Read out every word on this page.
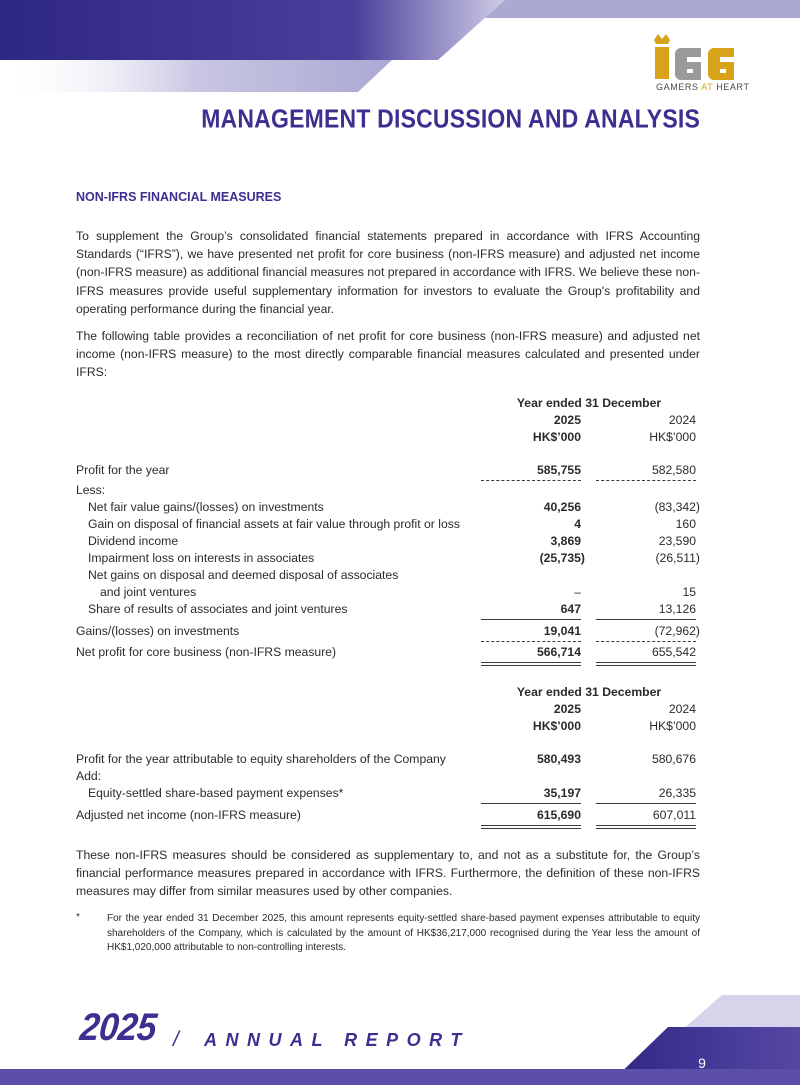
GAMERS AT HEART
MANAGEMENT DISCUSSION AND ANALYSIS
NON-IFRS FINANCIAL MEASURES
To supplement the Group’s consolidated financial statements prepared in accordance with IFRS Accounting Standards (“IFRS”), we have presented net profit for core business (non-IFRS measure) and adjusted net income (non-IFRS measure) as additional financial measures not prepared in accordance with IFRS. We believe these non-IFRS measures provide useful supplementary information for investors to evaluate the Group's profitability and operating performance during the financial year.
The following table provides a reconciliation of net profit for core business (non-IFRS measure) and adjusted net income (non-IFRS measure) to the most directly comparable financial measures calculated and presented under IFRS:
Year ended 31 December
2025	2024
HK$’000	HK$’000
Profit for the year	585,755	582,580
Less:
Net fair value gains/(losses) on investments	40,256	(83,342)
Gain on disposal of financial assets at fair value through profit or loss	4	160
Dividend income	3,869	23,590
Impairment loss on interests in associates	(25,735)	(26,511)
Net gains on disposal and deemed disposal of associates
and joint ventures	–	15
Share of results of associates and joint ventures	647	13,126
Gains/(losses) on investments	19,041	(72,962)
Net profit for core business (non-IFRS measure)	566,714	655,542
Year ended 31 December
2025	2024
HK$’000	HK$’000
Profit for the year attributable to equity shareholders of the Company	580,493	580,676
Add:
Equity-settled share-based payment expenses*	35,197	26,335
Adjusted net income (non-IFRS measure)	615,690	607,011
These non-IFRS measures should be considered as supplementary to, and not as a substitute for, the Group’s financial performance measures prepared in accordance with IFRS. Furthermore, the definition of these non-IFRS measures may differ from similar measures used by other companies.
*	For the year ended 31 December 2025, this amount represents equity-settled share-based payment expenses attributable to equity shareholders of the Company, which is calculated by the amount of HK$36,217,000 recognised during the Year less the amount of HK$1,020,000 attributable to non-controlling interests.
2025 / ANNUAL REPORT
9
